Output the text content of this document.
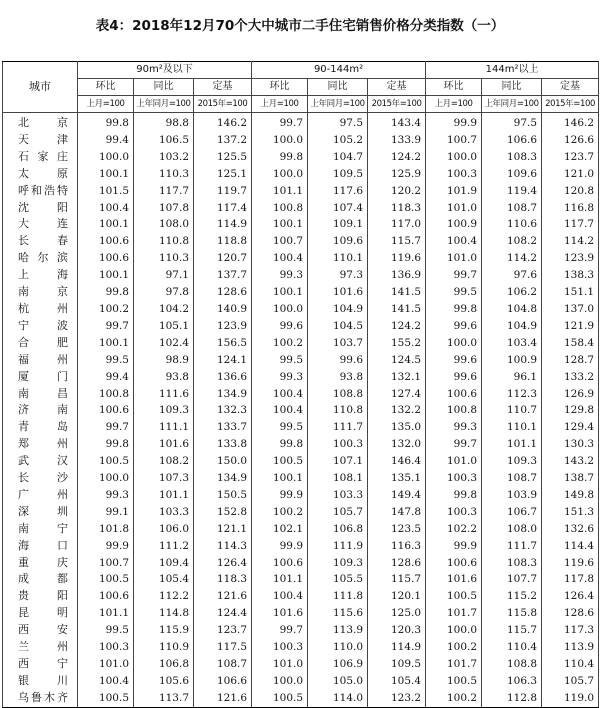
表4：2018年12月70个大中城市二手住宅销售价格分类指数（一）
城市	90m²及以下			90-144m²			144m²以上		
	环比	同比	定基	环比	同比	定基	环比	同比	定基
	上月=100	上年同月=100	2015年=100	上月=100	上年同月=100	2015年=100	上月=100	上年同月=100	2015年=100
北京	99.8	98.8	146.2	99.7	97.5	143.4	99.9	97.5	146.2
天津	99.4	106.5	137.2	100.0	105.2	133.9	100.7	106.6	126.6
石家庄	100.0	103.2	125.5	99.8	104.7	124.2	100.0	108.3	123.7
太原	100.1	110.3	125.1	100.0	109.5	125.9	100.3	109.6	121.0
呼和浩特	101.5	117.7	119.7	101.1	117.6	120.2	101.9	119.4	120.8
沈阳	100.4	107.8	117.4	100.8	107.4	118.3	101.0	108.7	116.8
大连	100.1	108.0	114.9	100.1	109.1	117.0	100.9	110.6	117.7
长春	100.6	110.8	118.8	100.7	109.6	115.7	100.4	108.2	114.2
哈尔滨	100.6	110.3	120.7	100.4	110.1	119.6	101.0	114.2	123.9
上海	100.1	97.1	137.7	99.3	97.3	136.9	99.7	97.6	138.3
南京	99.8	97.8	128.6	100.1	101.6	141.5	99.5	106.2	151.1
杭州	100.2	104.2	140.9	100.0	104.9	141.5	99.8	104.8	137.0
宁波	99.7	105.1	123.9	99.6	104.5	124.2	99.6	104.9	121.9
合肥	100.1	102.4	156.5	100.2	103.7	155.2	100.0	103.4	158.4
福州	99.5	98.9	124.1	99.5	99.6	124.5	99.6	100.9	128.7
厦门	99.4	93.8	136.6	99.3	93.8	132.1	99.6	96.1	133.2
南昌	100.8	111.6	134.9	100.4	108.8	127.4	100.6	112.3	126.9
济南	100.6	109.3	132.3	100.4	110.8	132.2	100.8	110.7	129.8
青岛	99.7	111.1	133.7	99.5	111.7	135.0	99.3	110.1	129.4
郑州	99.8	101.6	133.8	99.8	100.3	132.0	99.7	101.1	130.3
武汉	100.5	108.2	150.0	100.5	107.1	146.4	101.0	109.3	143.2
长沙	100.0	107.3	134.9	100.1	108.1	135.1	100.3	108.7	138.7
广州	99.3	101.1	150.5	99.9	103.3	149.4	99.8	103.9	149.8
深圳	99.1	103.3	152.8	100.2	105.7	147.8	100.3	106.7	151.3
南宁	101.8	106.0	121.1	102.1	106.8	123.5	102.2	108.0	132.6
海口	99.9	111.2	114.3	99.9	111.9	116.3	99.9	111.7	114.4
重庆	100.7	109.4	126.4	100.6	109.3	128.6	100.6	108.3	119.6
成都	100.5	105.4	118.3	101.1	105.5	115.7	101.6	107.7	117.8
贵阳	100.6	112.2	121.6	100.4	111.8	120.1	100.5	115.2	126.4
昆明	101.1	114.8	124.4	101.6	115.6	125.0	101.7	115.8	128.6
西安	99.5	115.9	123.7	99.7	113.9	120.3	100.0	115.7	117.3
兰州	100.3	110.9	117.5	100.3	110.0	114.9	100.2	110.4	113.9
西宁	101.0	106.8	108.7	101.0	106.9	109.5	101.7	108.8	110.4
银川	100.4	105.6	106.6	100.0	105.0	105.4	100.5	106.3	105.7
乌鲁木齐	100.5	113.7	121.6	100.5	114.0	123.2	100.2	112.8	119.0
